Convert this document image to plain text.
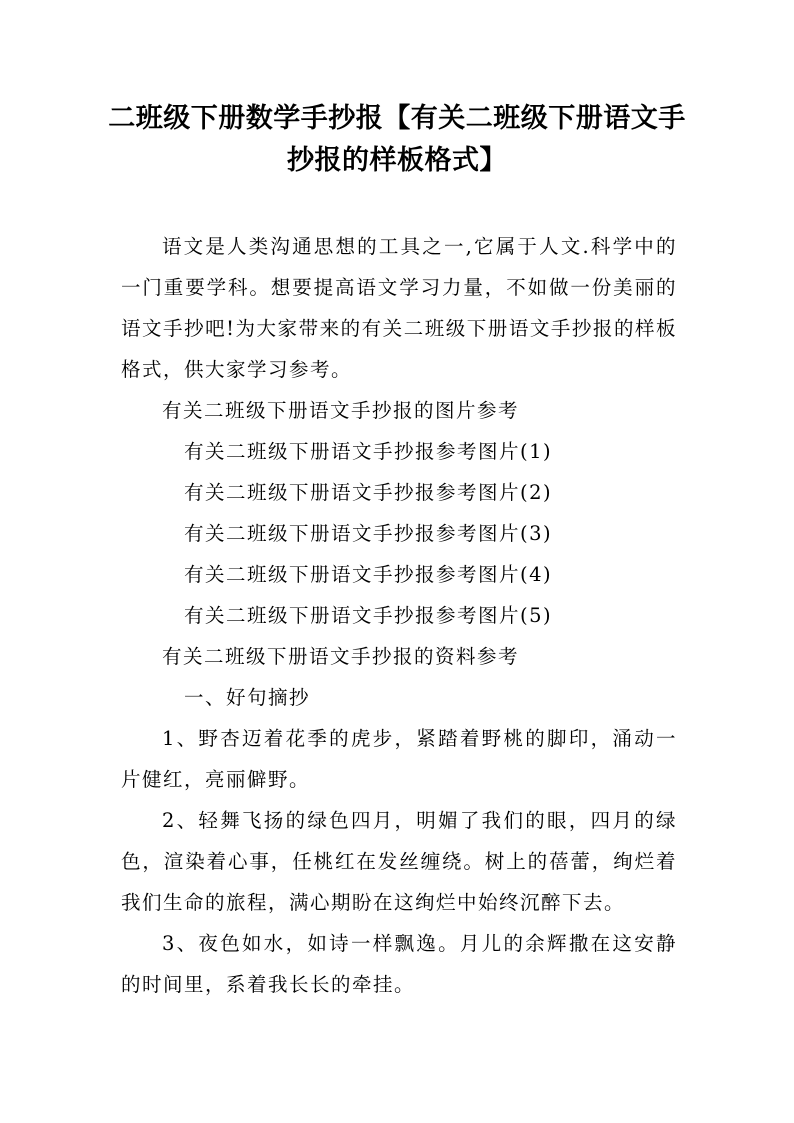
二班级下册数学手抄报【有关二班级下册语文手抄报的样板格式】

语文是人类沟通思想的工具之一,它属于人文.科学中的一门重要学科。想要提高语文学习力量，不如做一份美丽的语文手抄吧!为大家带来的有关二班级下册语文手抄报的样板格式，供大家学习参考。

有关二班级下册语文手抄报的图片参考

有关二班级下册语文手抄报参考图片(1)

有关二班级下册语文手抄报参考图片(2)

有关二班级下册语文手抄报参考图片(3)

有关二班级下册语文手抄报参考图片(4)

有关二班级下册语文手抄报参考图片(5)

有关二班级下册语文手抄报的资料参考

一、好句摘抄

1、野杏迈着花季的虎步，紧踏着野桃的脚印，涌动一片健红，亮丽僻野。

2、轻舞飞扬的绿色四月，明媚了我们的眼，四月的绿色，渲染着心事，任桃红在发丝缠绕。树上的蓓蕾，绚烂着我们生命的旅程，满心期盼在这绚烂中始终沉醉下去。

3、夜色如水，如诗一样飘逸。月儿的余辉撒在这安静的时间里，系着我长长的牵挂。
